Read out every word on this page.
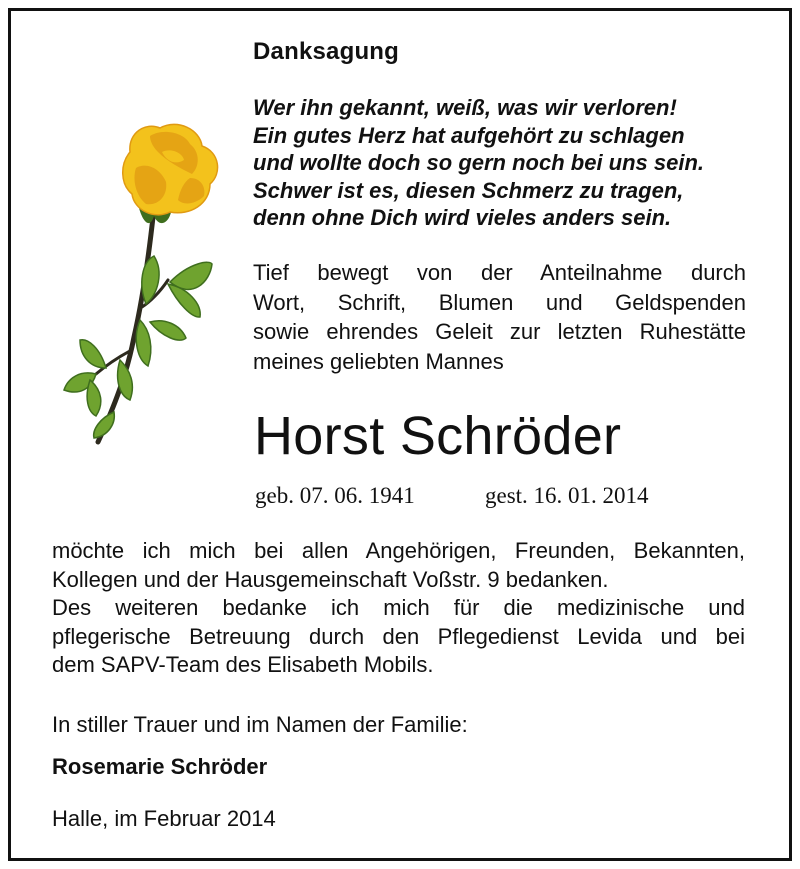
Danksagung
Wer ihn gekannt, weiß, was wir verloren!
Ein gutes Herz hat aufgehört zu schlagen
und wollte doch so gern noch bei uns sein.
Schwer ist es, diesen Schmerz zu tragen,
denn ohne Dich wird vieles anders sein.
Tief bewegt von der Anteilnahme durch
Wort, Schrift, Blumen und Geldspenden
sowie ehrendes Geleit zur letzten Ruhestätte
meines geliebten Mannes
Horst Schröder
geb. 07. 06. 1941	gest. 16. 01. 2014
möchte ich mich bei allen Angehörigen, Freunden, Bekannten,
Kollegen und der Hausgemeinschaft Voßstr. 9 bedanken.
Des weiteren bedanke ich mich für die medizinische und
pflegerische Betreuung durch den Pflegedienst Levida und bei
dem SAPV-Team des Elisabeth Mobils.
In stiller Trauer und im Namen der Familie:
Rosemarie Schröder
Halle, im Februar 2014
